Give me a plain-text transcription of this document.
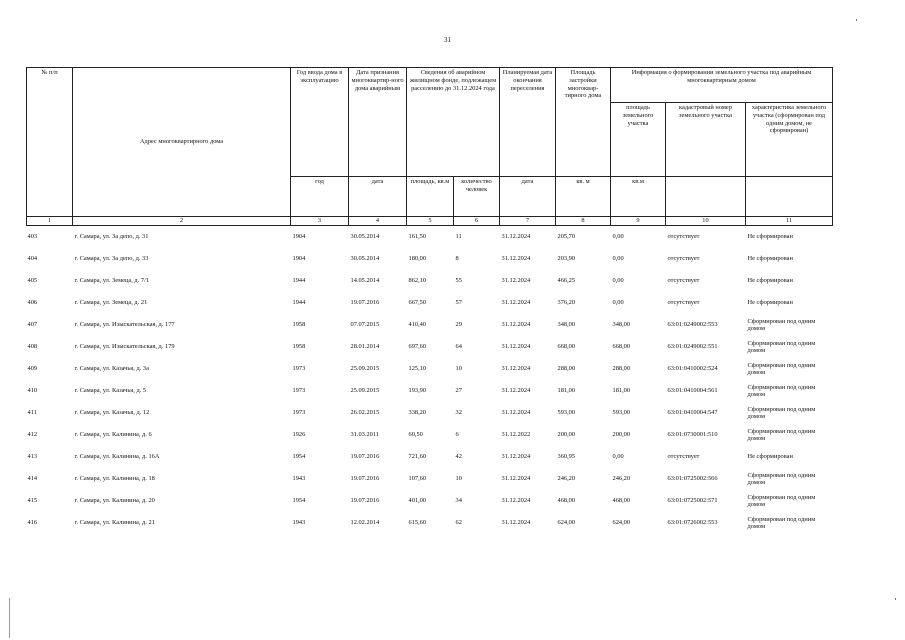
31
№ п/п	Адрес многоквартирного дома	Год ввода дома в эксплуатацию	Дата признания многоквартир-ного дома аварийным	Сведения об аварийном жилищном фонде, подлежащем расселению до 31.12.2024 года		Планируемая дата окончания переселения	Площадь застройки многоквар-тирного дома	Информация о формировании земельного участка под аварийным многоквартирным домом		
								площадь земельного участка	кадастровый номер земельного участка	характеристика земельного участка (сформирован под одним домом, не сформирован)
		год	дата	площадь, кв.м	количество человек	дата	кв. м	кв.м		
1	2	3	4	5	6	7	8	9	10	11
403	г. Самара, ул. За депо, д. 31	1904	30.05.2014	161,50	11	31.12.2024	205,70	0,00	отсутствует	Не сформирован
404	г. Самара, ул. За депо, д. 33	1904	30.05.2014	180,00	8	31.12.2024	203,90	0,00	отсутствует	Не сформирован
405	г. Самара, ул. Земеца, д. 7/1	1944	14.05.2014	862,10	55	31.12.2024	466,25	0,00	отсутствует	Не сформирован
406	г. Самара, ул. Земеца, д. 21	1944	19.07.2016	667,50	57	31.12.2024	376,20	0,00	отсутствует	Не сформирован
407	г. Самара, ул. Изыскательская, д. 177	1958	07.07.2015	410,40	29	31.12.2024	348,00	348,00	63:01:0249002:553	Сформирован под одним домом
408	г. Самара, ул. Изыскательская, д. 179	1958	28.01.2014	697,60	64	31.12.2024	668,00	668,00	63:01:0249002:551	Сформирован под одним домом
409	г. Самара, ул. Казачья, д. 3а	1973	25.09.2015	125,10	10	31.12.2024	288,00	288,00	63:01:0410002:524	Сформирован под одним домом
410	г. Самара, ул. Казачья, д. 5	1973	25.09.2015	193,90	27	31.12.2024	181,00	181,00	63:01:0410004:561	Сформирован под одним домом
411	г. Самара, ул. Казачья, д. 12	1973	26.02.2015	338,20	32	31.12.2024	593,00	593,00	63:01:0410004:547	Сформирован под одним домом
412	г. Самара, ул. Калинина, д. 6	1926	31.03.2011	60,50	6	31.12.2022	200,00	200,00	63:01:0730001:510	Сформирован под одним домом
413	г. Самара, ул. Калинина, д. 16А	1954	19.07.2016	721,60	42	31.12.2024	360,95	0,00	отсутствует	Не сформирован
414	г. Самара, ул. Калинина, д. 18	1943	19.07.2016	107,60	10	31.12.2024	246,20	246,20	63:01:0725002:566	Сформирован под одним домом
415	г. Самара, ул. Калинина, д. 20	1954	19.07.2016	401,00	34	31.12.2024	468,00	468,00	63:01:0725002:571	Сформирован под одним домом
416	г. Самара, ул. Калинина, д. 21	1943	12.02.2014	615,60	62	31.12.2024	624,00	624,00	63:01:0726002:553	Сформирован под одним домом
